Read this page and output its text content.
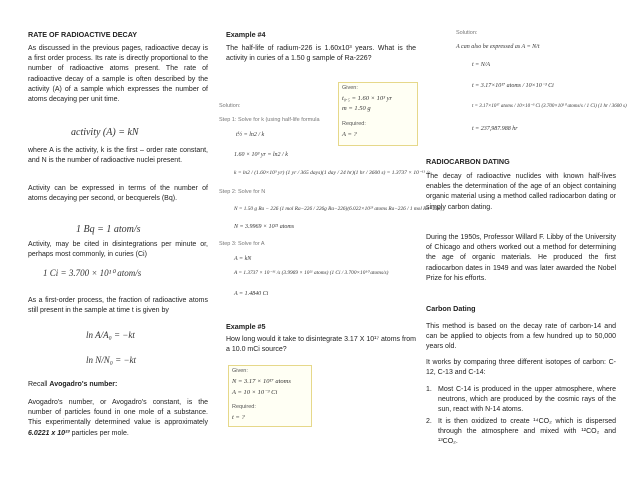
RATE OF RADIOACTIVE DECAY

As discussed in the previous pages, radioactive decay is a first order process. Its rate is directly proportional to the number of radioactive atoms present. The rate of radioactive decay of a sample is often described by the activity (A) of a sample which expresses the number of atoms decaying per unit time.

activity (A) = kN

where A is the activity, k is the first – order rate constant, and N is the number of radioactive nuclei present.

Activity can be expressed in terms of the number of atoms decaying per second, or becquerels (Bq).

1 Bq = 1 atom/s

Activity, may be cited in disintegrations per minute or, perhaps most commonly, in curies (Ci)

1 Ci = 3.700 × 10¹⁰ atom/s

As a first-order process, the fraction of radioactive atoms still present in the sample at time t is given by

ln A/A₀ = −kt
ln N/N₀ = −kt

Recall Avogadro's number:

Avogadro's number, or Avogadro's constant, is the number of particles found in one mole of a substance. This experimentally determined value is approximately 6.0221 x 10²³ particles per mole.

Example #4

The half-life of radium-226 is 1.60x10³ years. What is the activity in curies of a 1.50 g sample of Ra-226?

Given:
t₀.₅ = 1.60 × 10³ yr
m = 1.50 g
Required:
A = ?
Solution:
Step 1: Solve for k (using half-life formula
t½ = ln2 / k
1.60 × 10³ yr = ln2 / k
k = ln2 / (1.60×10³ yr) (1 yr / 365 days)(1 day / 24 hr)(1 hr / 3600 s) = 1.3737 × 10⁻¹¹ /s
Step 2: Solve for N
N = 1.50 g Ra − 226 (1 mol Ra−226 / 226g Ra−226)(6.022×10²³ atoms Ra−226 / 1 mol Ra−226)
N = 3.9969 × 10²¹ atoms
Step 3: Solve for A
A = kN
A = 1.3737 × 10⁻¹¹ /s (3.9969 × 10²¹ atoms) (1 Ci / 3.700×10¹⁰ atoms/s)
A = 1.4840 Ci
Example #5

How long would it take to disintegrate 3.17 X 10¹⁷ atoms from a 10.0 mCi source?

Given:
N = 3.17 × 10¹⁷ atoms
A = 10 × 10⁻³ Ci
Required:
t = ?
Solution:
A can also be expressed as A = N/t
t = N/A
t = 3.17×10¹⁷ atoms / 10×10⁻³ Ci
t = 3.17×10¹⁷ atoms / 10×10⁻³ Ci (3.700×10¹⁰ atoms/s / 1 Ci) (1 hr / 3600 s)
t = 237,987.988 hr
RADIOCARBON DATING

The decay of radioactive nuclides with known half-lives enables the determination of the age of an object containing organic material using a method called radiocarbon dating or simply carbon dating.

During the 1950s, Professor Willard F. Libby of the University of Chicago and others worked out a method for determining the age of organic materials. He produced the first radiocarbon dates in 1949 and was later awarded the Nobel Prize for his efforts.

Carbon Dating

This method is based on the decay rate of carbon-14 and can be applied to objects from a few hundred up to 50,000 years old.

It works by comparing three different isotopes of carbon: C-12, C-13 and C-14:

1. Most C-14 is produced in the upper atmosphere, where neutrons, which are produced by the cosmic rays of the sun, react with N-14 atoms.
2. It is then oxidized to create ¹⁴CO₂ which is dispersed through the atmosphere and mixed with ¹²CO₂ and ¹³CO₂.
